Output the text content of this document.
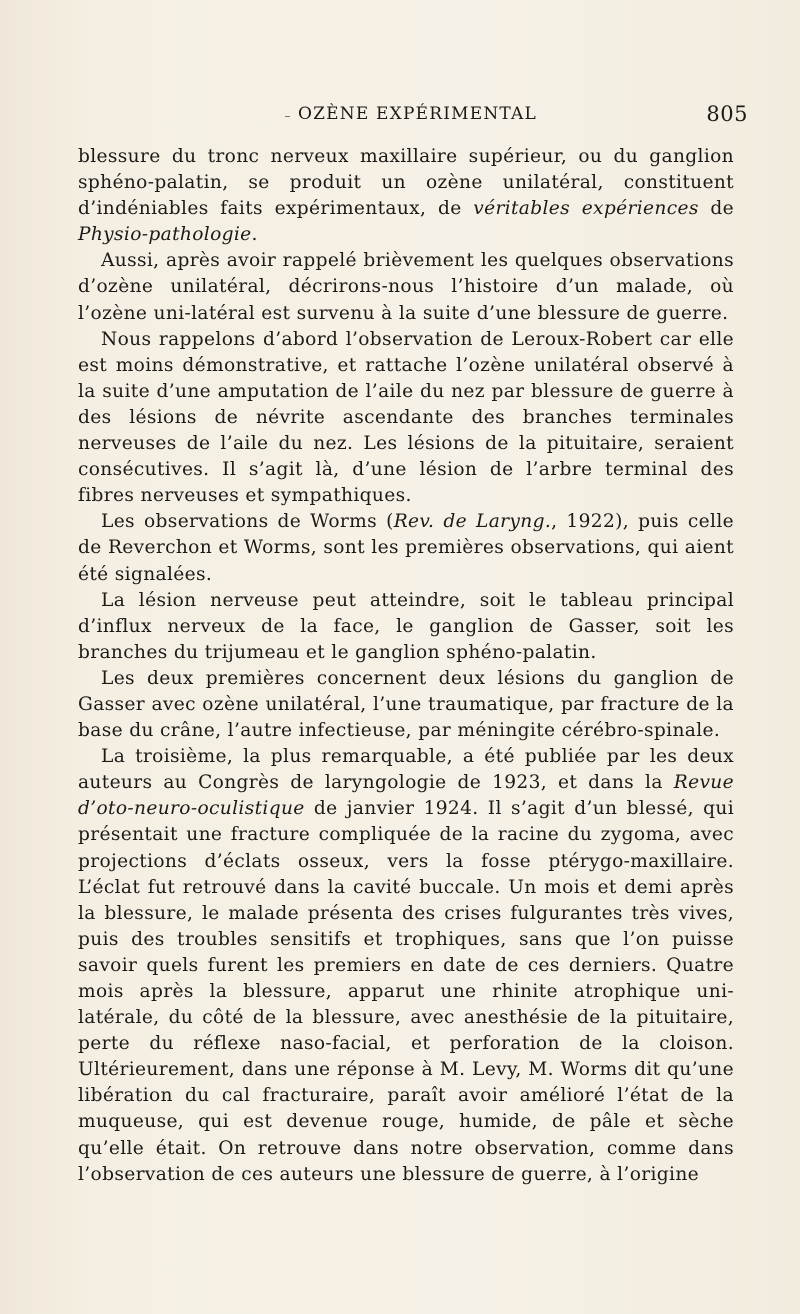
OZÈNE EXPÉRIMENTAL	805

blessure du tronc nerveux maxillaire supérieur, ou du ganglion sphéno-palatin, se produit un ozène unilatéral, constituent d’indéniables faits expérimentaux, de véritables expériences de Physio-pathologie.

Aussi, après avoir rappelé brièvement les quelques observations d’ozène unilatéral, décrirons-nous l’histoire d’un malade, où l’ozène uni-latéral est survenu à la suite d’une blessure de guerre.

Nous rappelons d’abord l’observation de Leroux-Robert car elle est moins démonstrative, et rattache l’ozène unilatéral observé à la suite d’une amputation de l’aile du nez par blessure de guerre à des lésions de névrite ascendante des branches terminales nerveuses de l’aile du nez. Les lésions de la pituitaire, seraient consécutives. Il s’agit là, d’une lésion de l’arbre terminal des fibres nerveuses et sympathiques.

Les observations de Worms (Rev. de Laryng., 1922), puis celle de Reverchon et Worms, sont les premières observations, qui aient été signalées.

La lésion nerveuse peut atteindre, soit le tableau principal d’influx nerveux de la face, le ganglion de Gasser, soit les branches du trijumeau et le ganglion sphéno-palatin.

Les deux premières concernent deux lésions du ganglion de Gasser avec ozène unilatéral, l’une traumatique, par fracture de la base du crâne, l’autre infectieuse, par méningite cérébro-spinale.

La troisième, la plus remarquable, a été publiée par les deux auteurs au Congrès de laryngologie de 1923, et dans la Revue d’oto-neuro-oculistique de janvier 1924. Il s’agit d’un blessé, qui présentait une fracture compliquée de la racine du zygoma, avec projections d’éclats osseux, vers la fosse ptérygo-maxillaire. L’éclat fut retrouvé dans la cavité buccale. Un mois et demi après la blessure, le malade présenta des crises fulgurantes très vives, puis des troubles sensitifs et trophiques, sans que l’on puisse savoir quels furent les premiers en date de ces derniers. Quatre mois après la blessure, apparut une rhinite atrophique uni-latérale, du côté de la blessure, avec anesthésie de la pituitaire, perte du réflexe naso-facial, et perforation de la cloison. Ultérieurement, dans une réponse à M. Levy, M. Worms dit qu’une libération du cal fracturaire, paraît avoir amélioré l’état de la muqueuse, qui est devenue rouge, humide, de pâle et sèche qu’elle était. On retrouve dans notre observation, comme dans l’observation de ces auteurs une blessure de guerre, à l’origine
